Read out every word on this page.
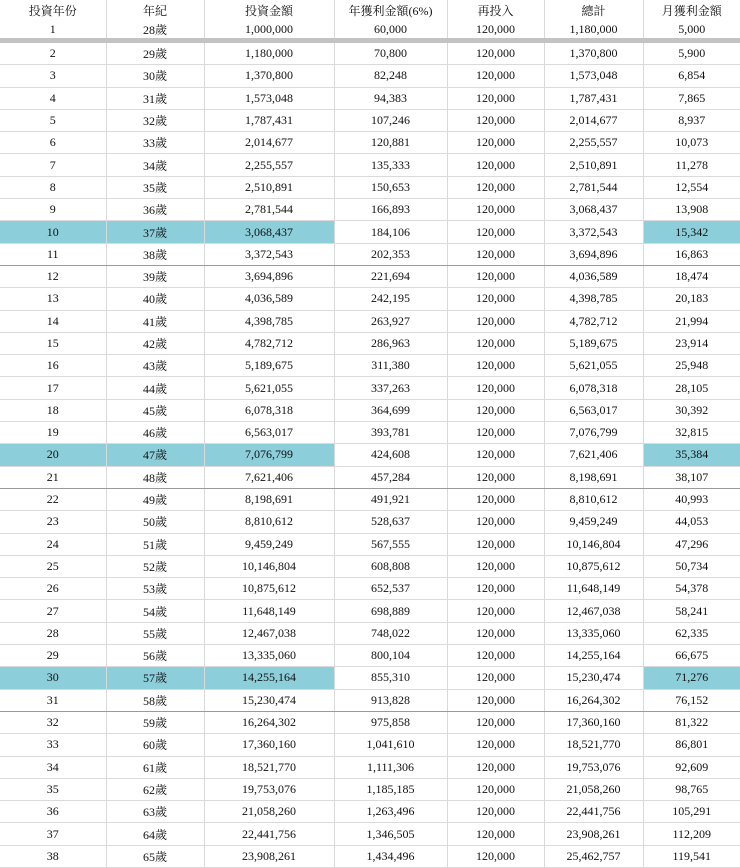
投資年份	年紀	投資金額	年獲利金額(6%)	再投入	總計	月獲利金額
1	28歲	1,000,000	60,000	120,000	1,180,000	5,000
2	29歲	1,180,000	70,800	120,000	1,370,800	5,900
3	30歲	1,370,800	82,248	120,000	1,573,048	6,854
4	31歲	1,573,048	94,383	120,000	1,787,431	7,865
5	32歲	1,787,431	107,246	120,000	2,014,677	8,937
6	33歲	2,014,677	120,881	120,000	2,255,557	10,073
7	34歲	2,255,557	135,333	120,000	2,510,891	11,278
8	35歲	2,510,891	150,653	120,000	2,781,544	12,554
9	36歲	2,781,544	166,893	120,000	3,068,437	13,908
10	37歲	3,068,437	184,106	120,000	3,372,543	15,342
11	38歲	3,372,543	202,353	120,000	3,694,896	16,863
12	39歲	3,694,896	221,694	120,000	4,036,589	18,474
13	40歲	4,036,589	242,195	120,000	4,398,785	20,183
14	41歲	4,398,785	263,927	120,000	4,782,712	21,994
15	42歲	4,782,712	286,963	120,000	5,189,675	23,914
16	43歲	5,189,675	311,380	120,000	5,621,055	25,948
17	44歲	5,621,055	337,263	120,000	6,078,318	28,105
18	45歲	6,078,318	364,699	120,000	6,563,017	30,392
19	46歲	6,563,017	393,781	120,000	7,076,799	32,815
20	47歲	7,076,799	424,608	120,000	7,621,406	35,384
21	48歲	7,621,406	457,284	120,000	8,198,691	38,107
22	49歲	8,198,691	491,921	120,000	8,810,612	40,993
23	50歲	8,810,612	528,637	120,000	9,459,249	44,053
24	51歲	9,459,249	567,555	120,000	10,146,804	47,296
25	52歲	10,146,804	608,808	120,000	10,875,612	50,734
26	53歲	10,875,612	652,537	120,000	11,648,149	54,378
27	54歲	11,648,149	698,889	120,000	12,467,038	58,241
28	55歲	12,467,038	748,022	120,000	13,335,060	62,335
29	56歲	13,335,060	800,104	120,000	14,255,164	66,675
30	57歲	14,255,164	855,310	120,000	15,230,474	71,276
31	58歲	15,230,474	913,828	120,000	16,264,302	76,152
32	59歲	16,264,302	975,858	120,000	17,360,160	81,322
33	60歲	17,360,160	1,041,610	120,000	18,521,770	86,801
34	61歲	18,521,770	1,111,306	120,000	19,753,076	92,609
35	62歲	19,753,076	1,185,185	120,000	21,058,260	98,765
36	63歲	21,058,260	1,263,496	120,000	22,441,756	105,291
37	64歲	22,441,756	1,346,505	120,000	23,908,261	112,209
38	65歲	23,908,261	1,434,496	120,000	25,462,757	119,541
